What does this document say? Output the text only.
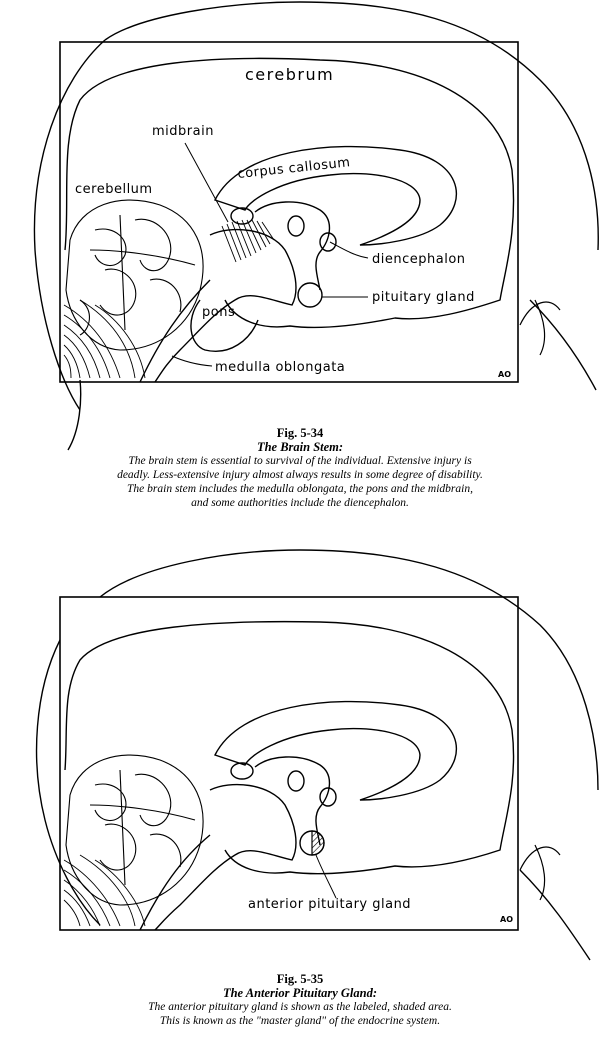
cerebrum
midbrain
corpus callosum
cerebellum
diencephalon
pituitary gland
pons
medulla oblongata	AO
anterior pituitary gland
AO
Fig. 5-34
The Brain Stem:
The brain stem is essential to survival of the individual. Extensive injury is
deadly. Less-extensive injury almost always results in some degree of disability.
The brain stem includes the medulla oblongata, the pons and the midbrain,
and some authorities include the diencephalon.
Fig. 5-35
The Anterior Pituitary Gland:
The anterior pituitary gland is shown as the labeled, shaded area.
This is known as the "master gland" of the endocrine system.
